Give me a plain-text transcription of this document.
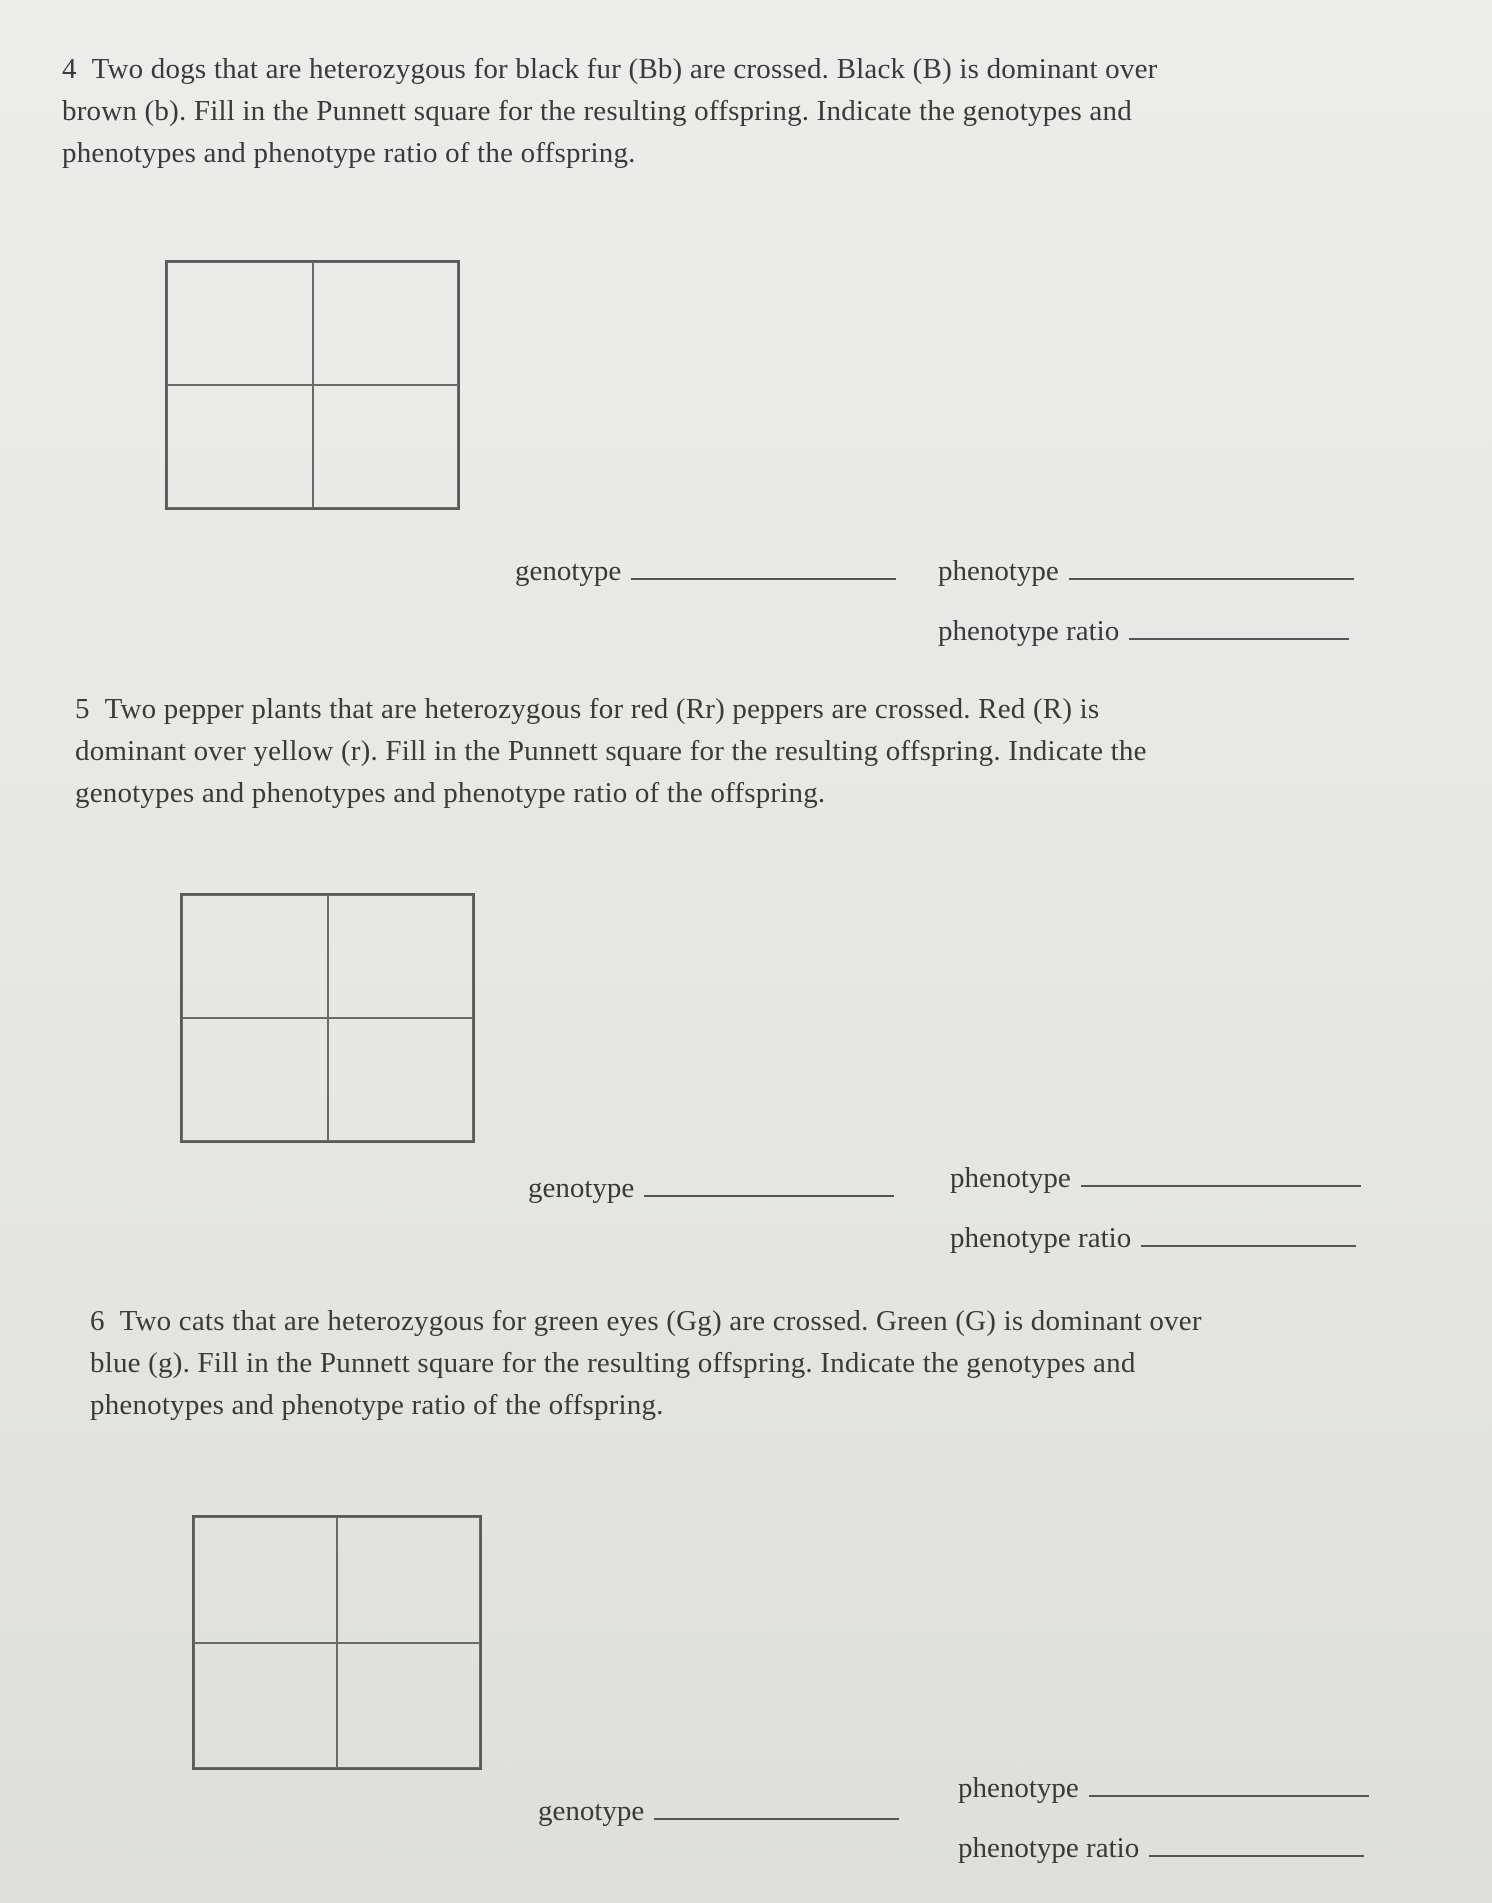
4 Two dogs that are heterozygous for black fur (Bb) are crossed. Black (B) is dominant over

brown (b). Fill in the Punnett square for the resulting offspring. Indicate the genotypes and

phenotypes and phenotype ratio of the offspring.

genotype	phenotype
phenotype ratio

5 Two pepper plants that are heterozygous for red (Rr) peppers are crossed. Red (R) is

dominant over yellow (r). Fill in the Punnett square for the resulting offspring. Indicate the

genotypes and phenotypes and phenotype ratio of the offspring.

genotype	phenotype
phenotype ratio

6 Two cats that are heterozygous for green eyes (Gg) are crossed. Green (G) is dominant over

blue (g). Fill in the Punnett square for the resulting offspring. Indicate the genotypes and

phenotypes and phenotype ratio of the offspring.

genotype
phenotype
phenotype ratio
